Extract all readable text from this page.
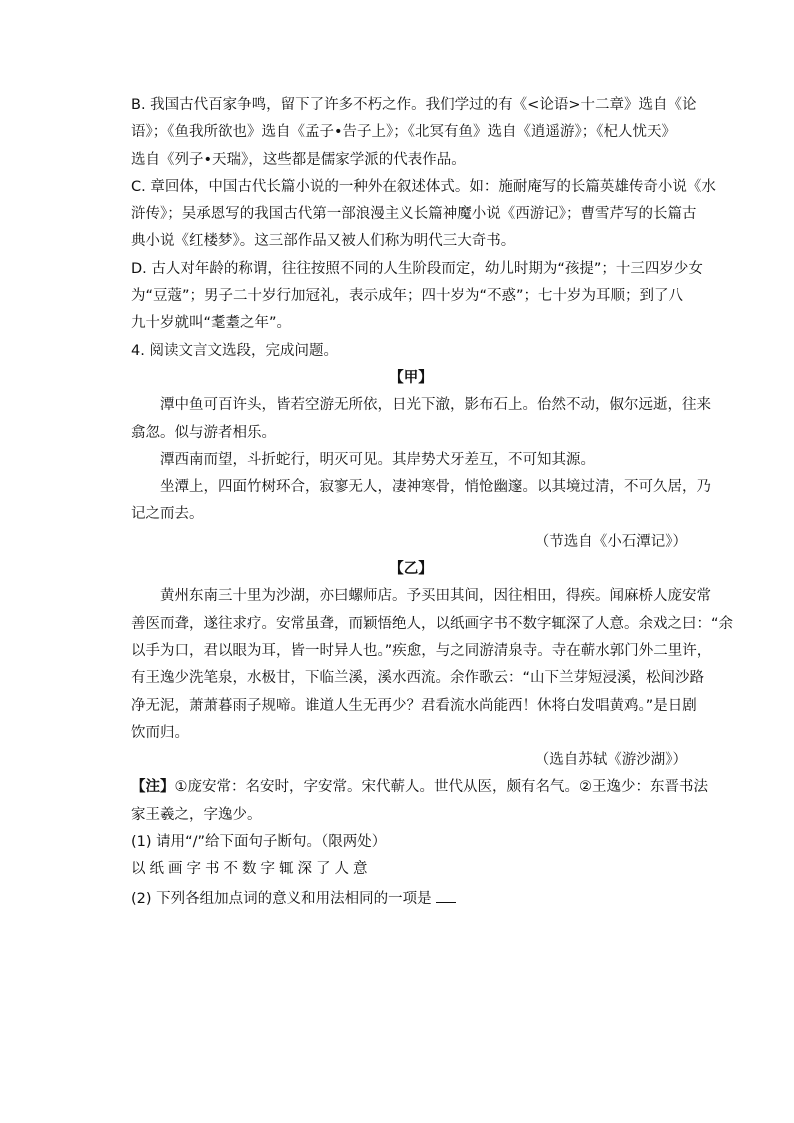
B. 我国古代百家争鸣，留下了许多不朽之作。我们学过的有《<论语>十二章》选自《论
语》；《鱼我所欲也》选自《孟子•告子上》；《北冥有鱼》选自《逍遥游》；《杞人忧天》
选自《列子•天瑞》，这些都是儒家学派的代表作品。
C. 章回体，中国古代长篇小说的一种外在叙述体式。如：施耐庵写的长篇英雄传奇小说《水
浒传》；吴承恩写的我国古代第一部浪漫主义长篇神魔小说《西游记》；曹雪芹写的长篇古
典小说《红楼梦》。这三部作品又被人们称为明代三大奇书。
D. 古人对年龄的称谓，往往按照不同的人生阶段而定，幼儿时期为“孩提”；十三四岁少女
为“豆蔻”；男子二十岁行加冠礼，表示成年；四十岁为“不惑”；七十岁为耳顺；到了八
九十岁就叫“耄耋之年”。
4. 阅读文言文选段，完成问题。
【甲】
潭中鱼可百许头，皆若空游无所依，日光下澈，影布石上。佁然不动，俶尔远逝，往来
翕忽。似与游者相乐。
潭西南而望，斗折蛇行，明灭可见。其岸势犬牙差互，不可知其源。
坐潭上，四面竹树环合，寂寥无人，凄神寒骨，悄怆幽邃。以其境过清，不可久居，乃
记之而去。
（节选自《小石潭记》）
【乙】
黄州东南三十里为沙湖，亦曰螺师店。予买田其间，因往相田，得疾。闻麻桥人庞安常
善医而聋，遂往求疗。安常虽聋，而颖悟绝人，以纸画字书不数字辄深了人意。余戏之曰：“余
以手为口，君以眼为耳，皆一时异人也。”疾愈，与之同游清泉寺。寺在蕲水郭门外二里许，
有王逸少洗笔泉，水极甘，下临兰溪，溪水西流。余作歌云：“山下兰芽短浸溪，松间沙路
净无泥，萧萧暮雨子规啼。谁道人生无再少？君看流水尚能西！休将白发唱黄鸡。”是日剧
饮而归。
（选自苏轼《游沙湖》）
【注】①庞安常：名安时，字安常。宋代蕲人。世代从医，颇有名气。②王逸少：东晋书法
家王羲之，字逸少。
(1) 请用“/”给下面句子断句。（限两处）
以纸画字书不数字辄深了人意
(2) 下列各组加点词的意义和用法相同的一项是
